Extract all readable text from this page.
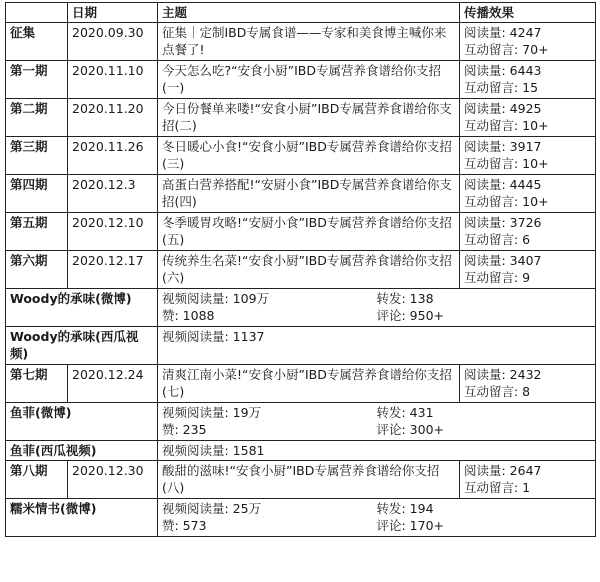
	日期	主题	传播效果
征集	2020.09.30	征集｜定制IBD专属食谱——专家和美食博主喊你来点餐了!	阅读量: 4247
互动留言: 70+

第一期	2020.11.10	今天怎么吃?“安食小厨”IBD专属营养食谱给你支招(一)	阅读量: 6443
互动留言: 15

第二期	2020.11.20	今日份餐单来喽!“安食小厨”IBD专属营养食谱给你支招(二)	阅读量: 4925
互动留言: 10+

第三期	2020.11.26	冬日暖心小食!“安食小厨”IBD专属营养食谱给你支招(三)	阅读量: 3917
互动留言: 10+

第四期	2020.12.3	高蛋白营养搭配!“安厨小食”IBD专属营养食谱给你支招(四)	阅读量: 4445
互动留言: 10+

第五期	2020.12.10	冬季暖胃攻略!“安厨小食”IBD专属营养食谱给你支招(五)	阅读量: 3726
互动留言: 6

第六期	2020.12.17	传统养生名菜!“安食小厨”IBD专属营养食谱给你支招(六)	阅读量: 3407
互动留言: 9

Woody的承味(微博)		视频阅读量: 109万 转发: 138
赞: 1088 评论: 950+	

Woody的承味(西瓜视频)		视频阅读量: 1137	
第七期	2020.12.24	清爽江南小菜!“安食小厨”IBD专属营养食谱给你支招(七)	阅读量: 2432
互动留言: 8

鱼菲(微博)		视频阅读量: 19万 转发: 431
赞: 235 评论: 300+	

鱼菲(西瓜视频)		视频阅读量: 1581	
第八期	2020.12.30	酸甜的滋味!“安食小厨”IBD专属营养食谱给你支招(八)	阅读量: 2647
互动留言: 1

糯米情书(微博)		视频阅读量: 25万 转发: 194
赞: 573 评论: 170+	
